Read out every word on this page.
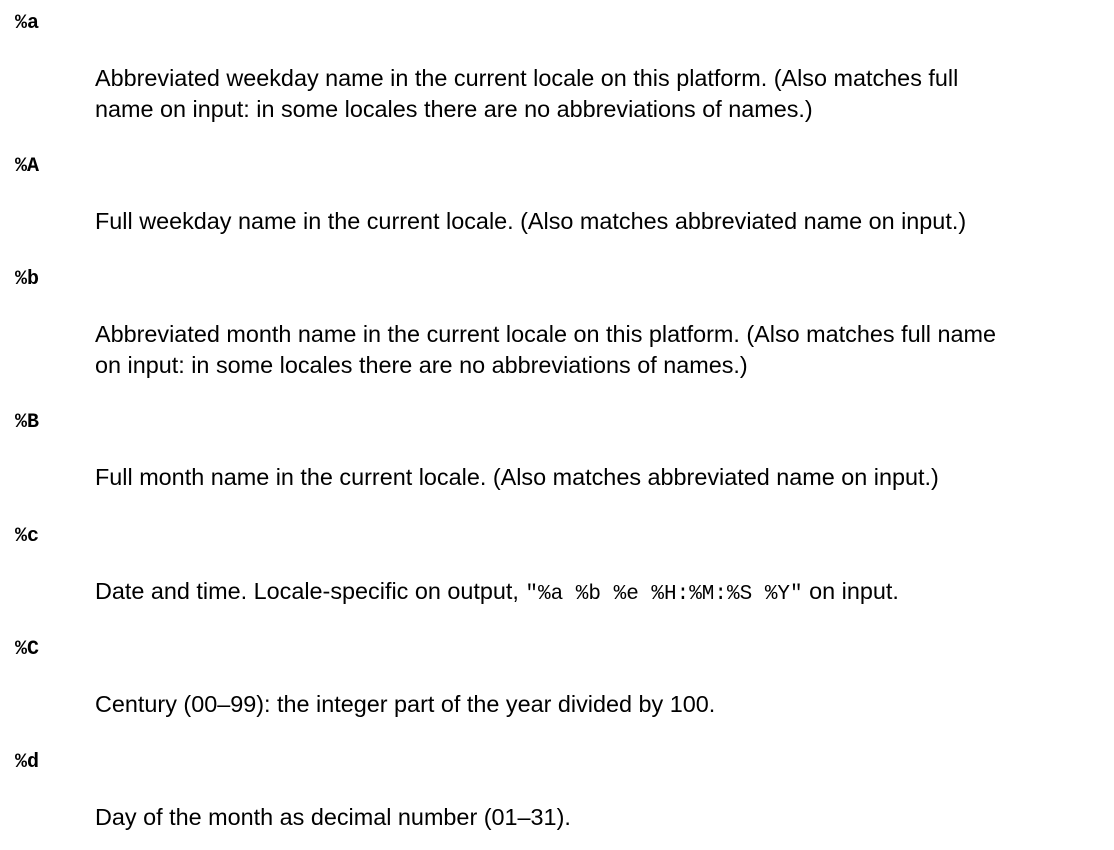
%a
Abbreviated weekday name in the current locale on this platform. (Also matches full
name on input: in some locales there are no abbreviations of names.)
%A
Full weekday name in the current locale. (Also matches abbreviated name on input.)
%b
Abbreviated month name in the current locale on this platform. (Also matches full name
on input: in some locales there are no abbreviations of names.)
%B
Full month name in the current locale. (Also matches abbreviated name on input.)
%c
Date and time. Locale-specific on output, "%a %b %e %H:%M:%S %Y" on input.
%C
Century (00–99): the integer part of the year divided by 100.
%d
Day of the month as decimal number (01–31).
